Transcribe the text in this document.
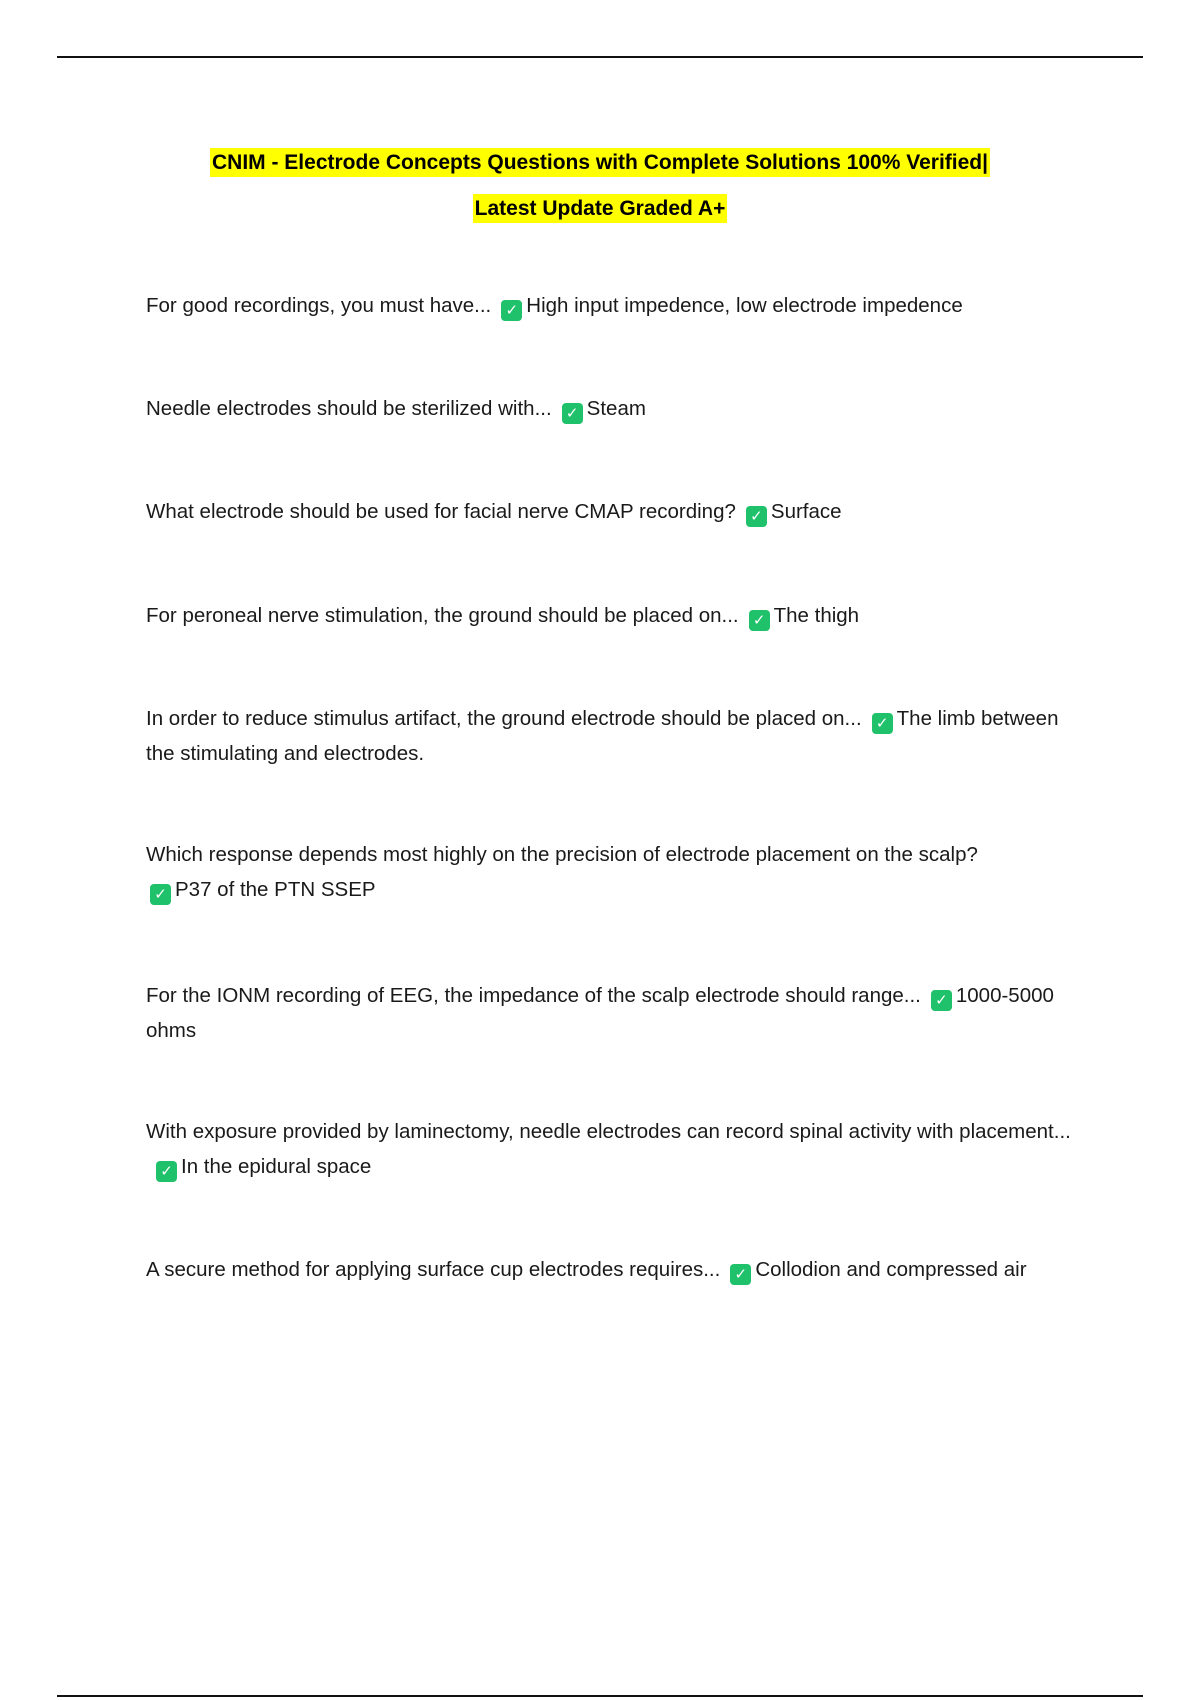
CNIM - Electrode Concepts Questions with Complete Solutions 100% Verified|
Latest Update Graded A+
For good recordings, you must have... ✓ High input impedence, low electrode impedence
Needle electrodes should be sterilized with... ✓ Steam
What electrode should be used for facial nerve CMAP recording? ✓ Surface
For peroneal nerve stimulation, the ground should be placed on... ✓ The thigh
In order to reduce stimulus artifact, the ground electrode should be placed on... ✓ The limb between the stimulating and electrodes.
Which response depends most highly on the precision of electrode placement on the scalp?
✓ P37 of the PTN SSEP
For the IONM recording of EEG, the impedance of the scalp electrode should range... ✓ 1000-5000 ohms
With exposure provided by laminectomy, needle electrodes can record spinal activity with placement...✓ In the epidural space
A secure method for applying surface cup electrodes requires... ✓ Collodion and compressed air
